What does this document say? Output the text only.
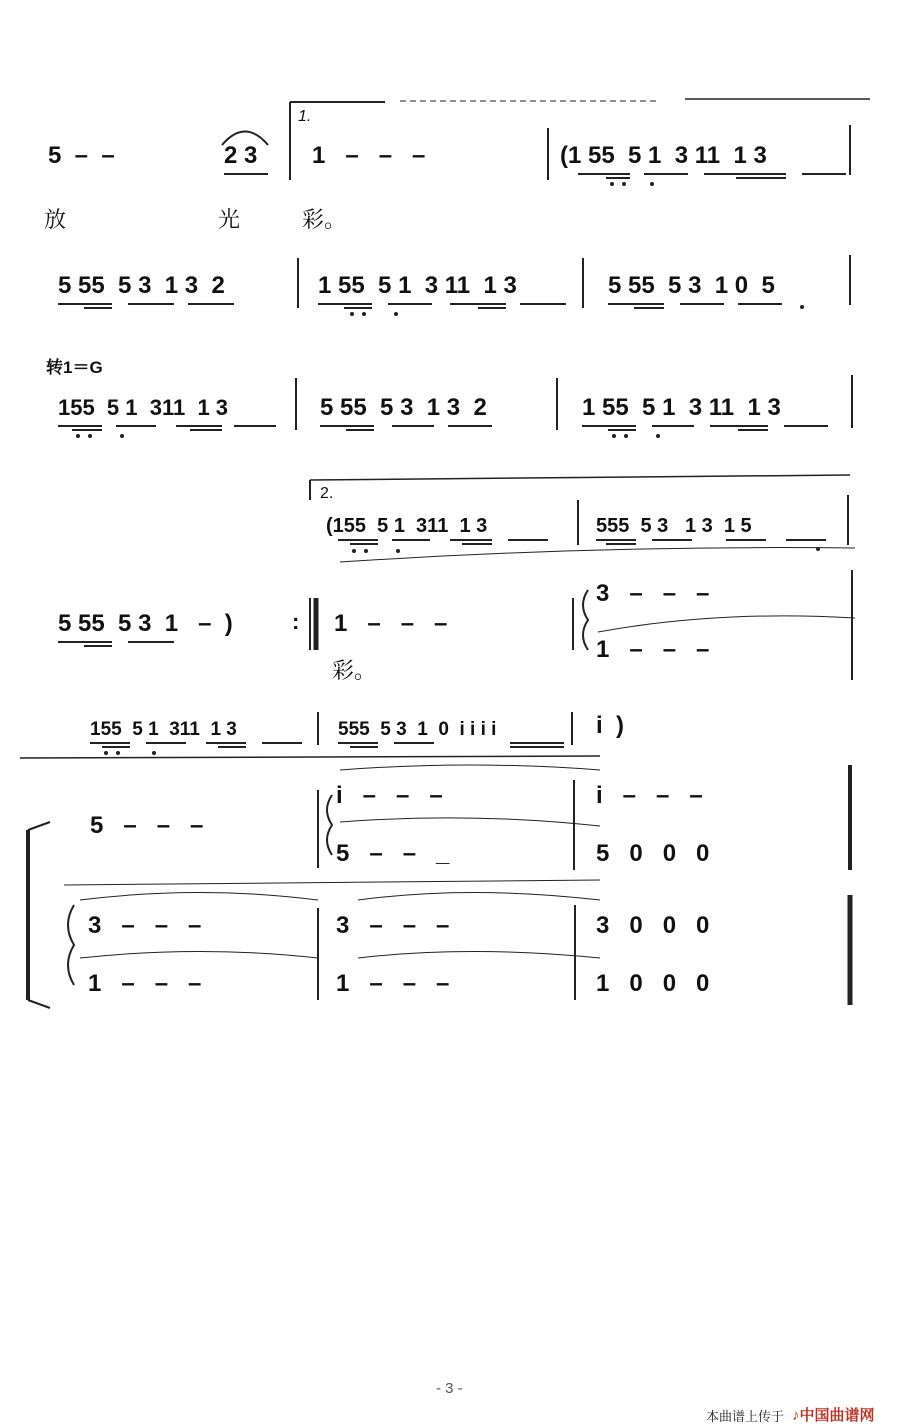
5  –  –	2 3
1.
1   –   –   –	(1 55  5 1  3 11  1 3
放	光	彩。
5 55  5 3  1 3  2	1 55  5 1  3 11  1 3	5 55  5 3  1 0  5
转1＝G
155  5 1  311  1 3	5 55  5 3  1 3  2	1 55  5 1  3 11  1 3
2.
(155  5 1  311  1 3	555  5 3   1 3  1 5
5 55  5 3  1   –  )	: 1   –   –   –
彩。
3   –   –   –
1   –   –   –
155  5 1  311  1 3	555  5 3  1  0  i i i i	i  )
5   –   –   –
i   –   –   –
5   –   –   _
i   –   –   –
5   0   0   0
3   –   –   –	3   –   –   –	3   0   0   0
1   –   –   –	1   –   –   –	1   0   0   0
- 3 -
本曲谱上传于 ♪中国曲谱网
